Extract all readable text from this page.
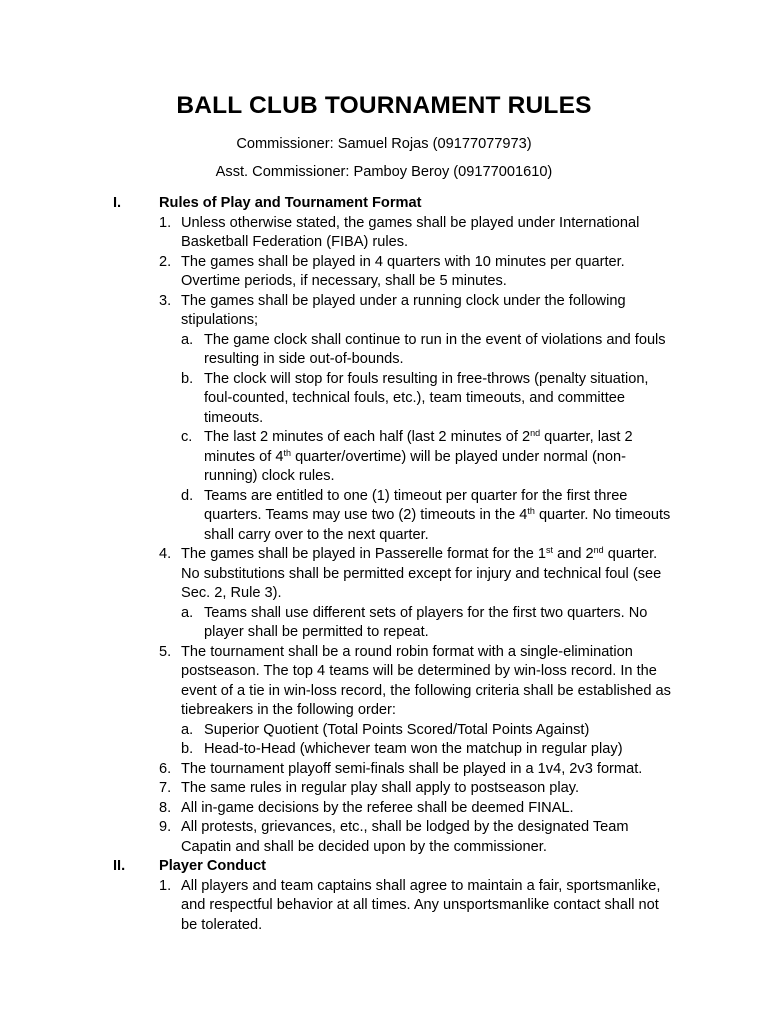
BALL CLUB TOURNAMENT RULES
Commissioner: Samuel Rojas (09177077973)
Asst. Commissioner: Pamboy Beroy (09177001610)
I.	Rules of Play and Tournament Format
1. Unless otherwise stated, the games shall be played under International Basketball Federation (FIBA) rules.
2. The games shall be played in 4 quarters with 10 minutes per quarter. Overtime periods, if necessary, shall be 5 minutes.
3. The games shall be played under a running clock under the following stipulations;
a. The game clock shall continue to run in the event of violations and fouls resulting in side out-of-bounds.
b. The clock will stop for fouls resulting in free-throws (penalty situation, foul-counted, technical fouls, etc.), team timeouts, and committee timeouts.
c. The last 2 minutes of each half (last 2 minutes of 2nd quarter, last 2 minutes of 4th quarter/overtime) will be played under normal (non-running) clock rules.
d. Teams are entitled to one (1) timeout per quarter for the first three quarters. Teams may use two (2) timeouts in the 4th quarter. No timeouts shall carry over to the next quarter.
4. The games shall be played in Passerelle format for the 1st and 2nd quarter. No substitutions shall be permitted except for injury and technical foul (see Sec. 2, Rule 3).
a. Teams shall use different sets of players for the first two quarters. No player shall be permitted to repeat.
5. The tournament shall be a round robin format with a single-elimination postseason. The top 4 teams will be determined by win-loss record. In the event of a tie in win-loss record, the following criteria shall be established as tiebreakers in the following order:
a. Superior Quotient (Total Points Scored/Total Points Against)
b. Head-to-Head (whichever team won the matchup in regular play)
6. The tournament playoff semi-finals shall be played in a 1v4, 2v3 format.
7. The same rules in regular play shall apply to postseason play.
8. All in-game decisions by the referee shall be deemed FINAL.
9. All protests, grievances, etc., shall be lodged by the designated Team Capatin and shall be decided upon by the commissioner.
II. Player Conduct
1. All players and team captains shall agree to maintain a fair, sportsmanlike, and respectful behavior at all times. Any unsportsmanlike contact shall not be tolerated.
